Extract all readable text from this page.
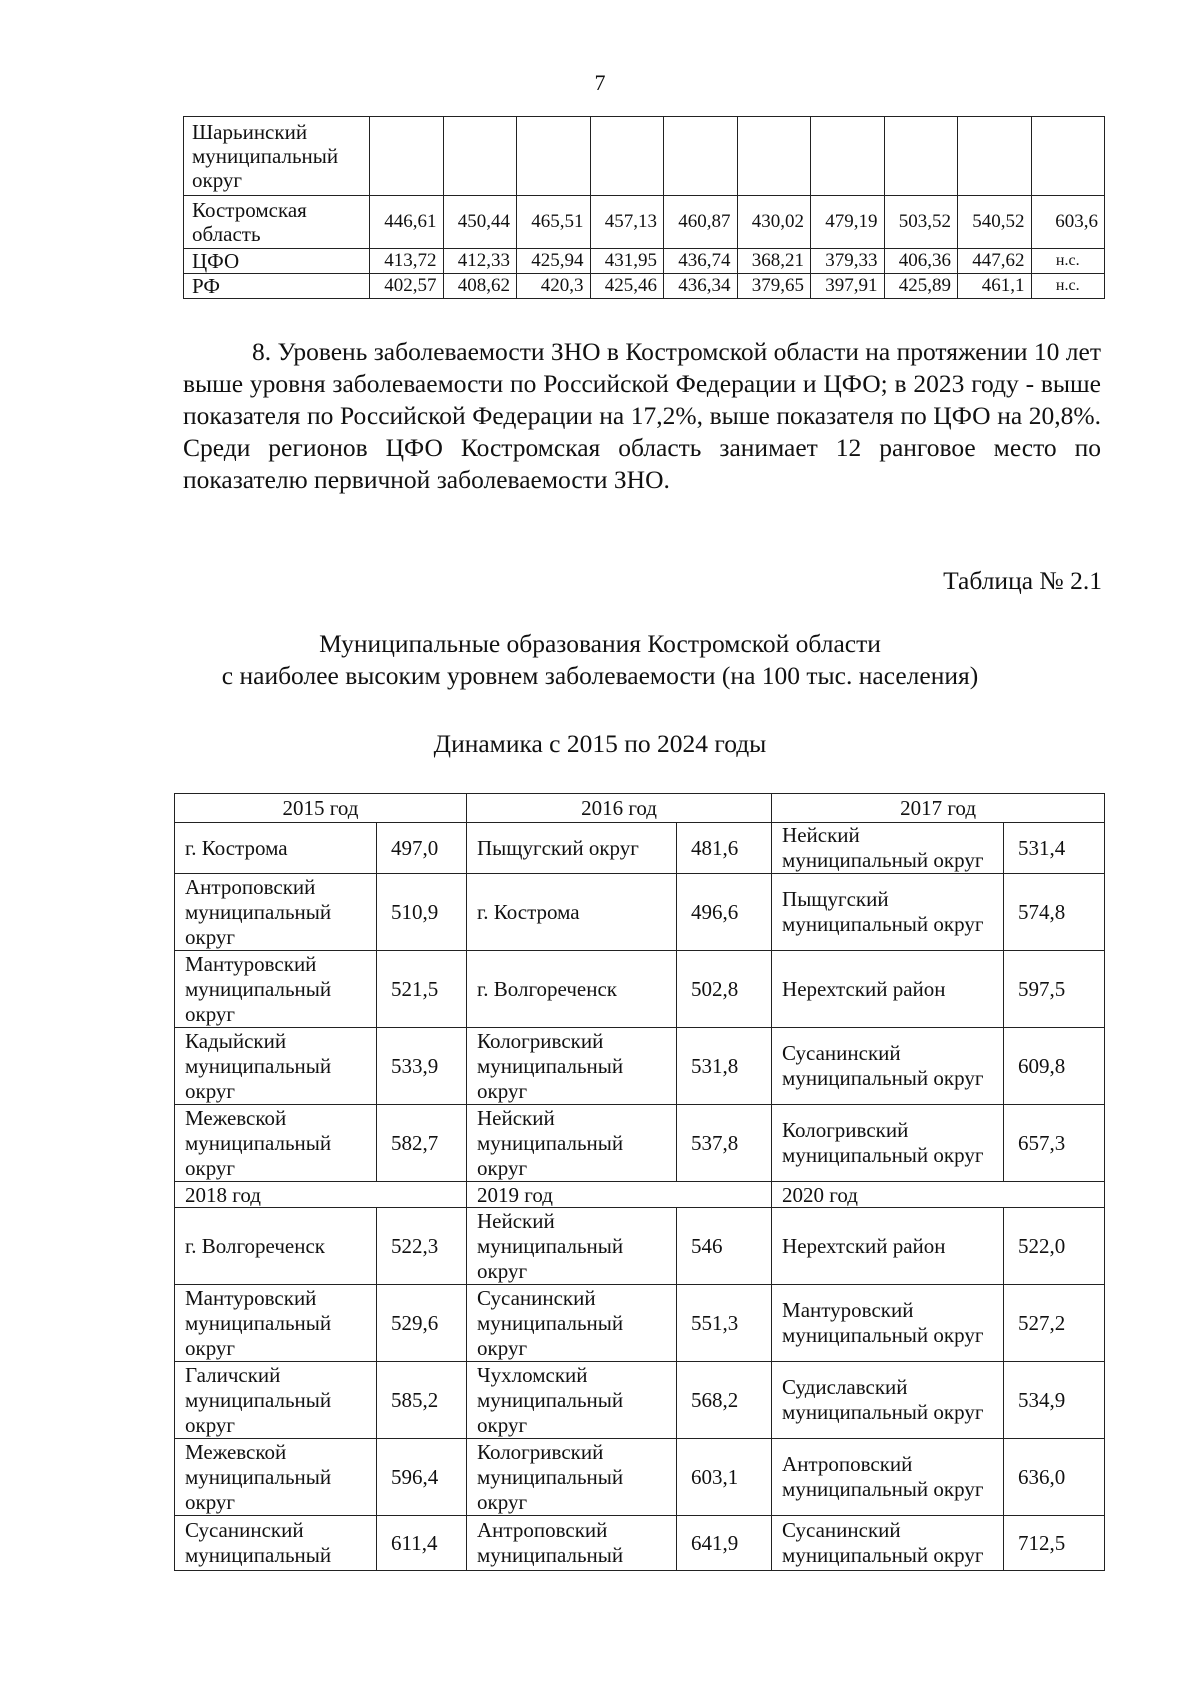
7
Шарьинский муниципальный округ										
Костромская область	446,61	450,44	465,51	457,13	460,87	430,02	479,19	503,52	540,52	603,6
ЦФО	413,72	412,33	425,94	431,95	436,74	368,21	379,33	406,36	447,62	н.с.
РФ	402,57	408,62	420,3	425,46	436,34	379,65	397,91	425,89	461,1	н.с.

8. Уровень заболеваемости ЗНО в Костромской области на протяжении 10 лет выше уровня заболеваемости по Российской Федерации и ЦФО; в 2023 году - выше показателя по Российской Федерации на 17,2%, выше показателя по ЦФО на 20,8%. Среди регионов ЦФО Костромская область занимает 12 ранговое место по показателю первичной заболеваемости ЗНО.

Таблица № 2.1
Муниципальные образования Костромской области
с наиболее высоким уровнем заболеваемости (на 100 тыс. населения)
Динамика с 2015 по 2024 годы
2015 год		2016 год		2017 год	
г. Кострома	497,0	Пыщугский округ	481,6	Нейский муниципальный округ	531,4
Антроповский муниципальный округ	510,9	г. Кострома	496,6	Пыщугский муниципальный округ	574,8
Мантуровский муниципальный округ	521,5	г. Волгореченск	502,8	Нерехтский район	597,5
Кадыйский муниципальный округ	533,9	Кологривский муниципальный округ	531,8	Сусанинский муниципальный округ	609,8
Межевской муниципальный округ	582,7	Нейский муниципальный округ	537,8	Кологривский муниципальный округ	657,3
2018 год		2019 год		2020 год	
г. Волгореченск	522,3	Нейский муниципальный округ	546	Нерехтский район	522,0
Мантуровский муниципальный округ	529,6	Сусанинский муниципальный округ	551,3	Мантуровский муниципальный округ	527,2
Галичский муниципальный округ	585,2	Чухломский муниципальный округ	568,2	Судиславский муниципальный округ	534,9
Межевской муниципальный округ	596,4	Кологривский муниципальный округ	603,1	Антроповский муниципальный округ	636,0

Сусанинский муниципальный	611,4	Антроповский муниципальный	641,9	Сусанинский муниципальный округ	712,5
